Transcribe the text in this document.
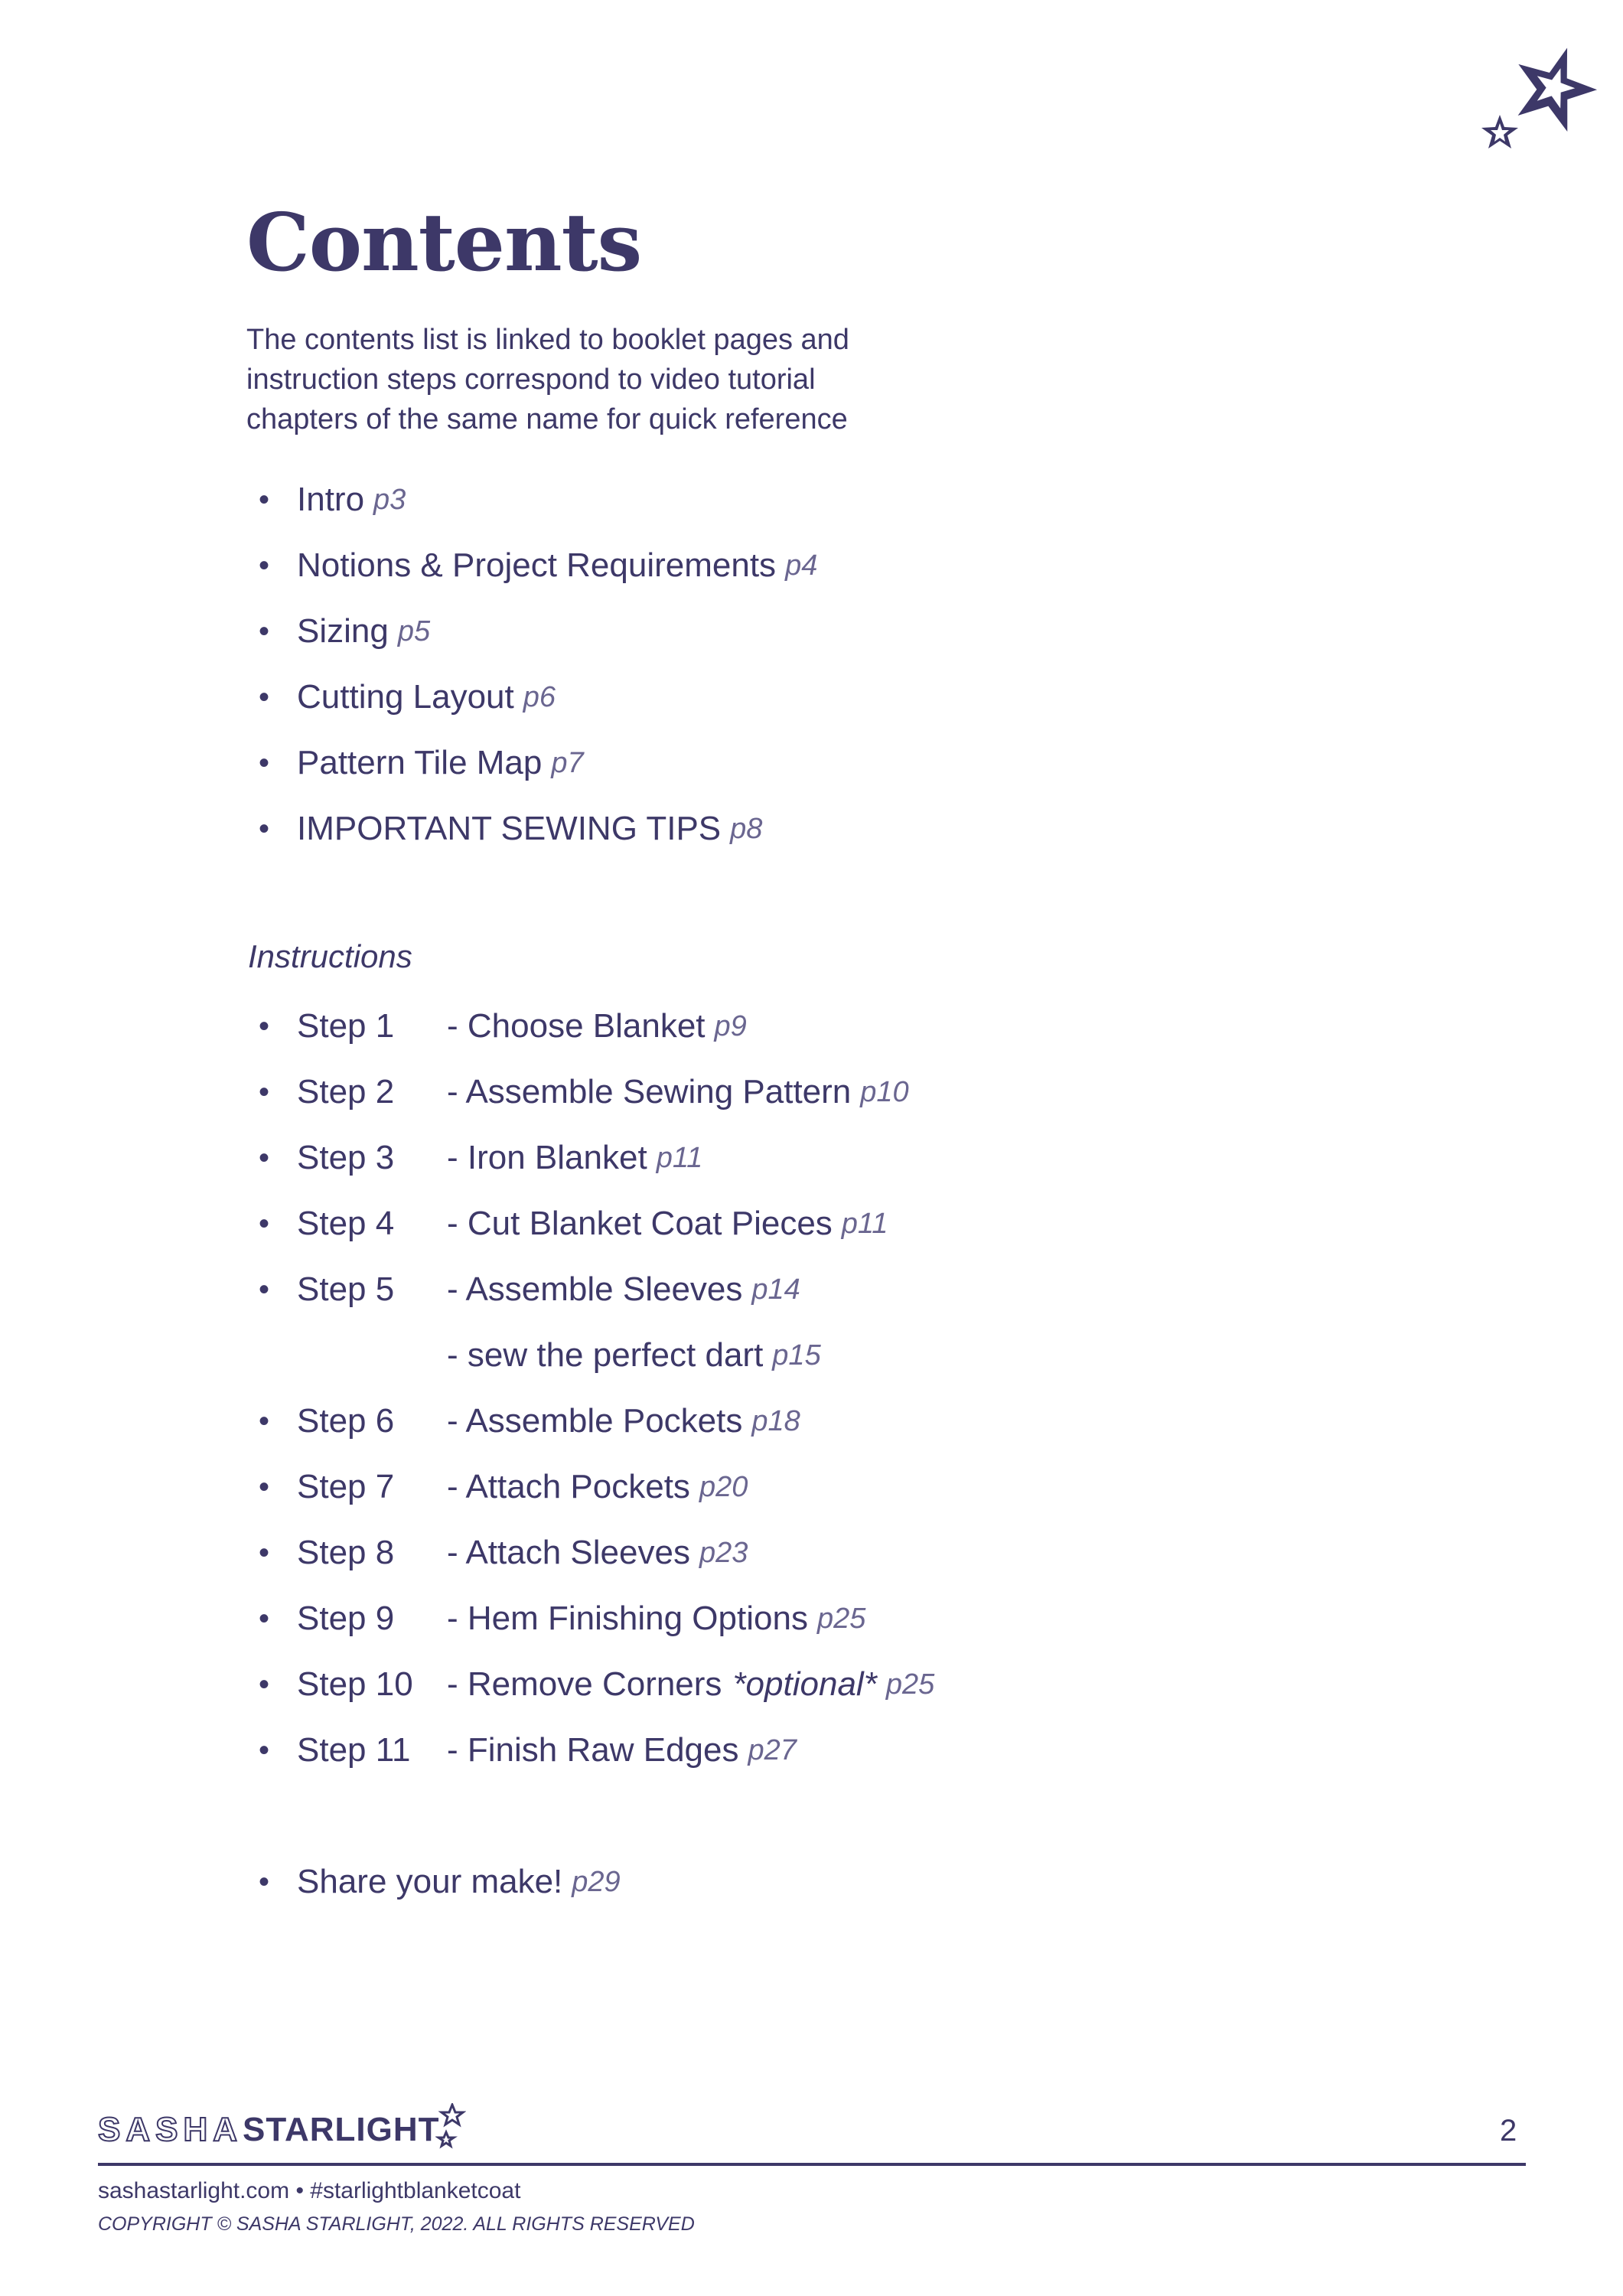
Contents
The contents list is linked to booklet pages and
instruction steps correspond to video tutorial
chapters of the same name for quick reference
• Intro p3
• Notions & Project Requirements p4
• Sizing p5
• Cutting Layout p6
• Pattern Tile Map p7
• IMPORTANT SEWING TIPS p8
Instructions
• Step 1	- Choose Blanket p9
• Step 2	- Assemble Sewing Pattern p10
• Step 3	- Iron Blanket p11
• Step 4	- Cut Blanket Coat Pieces p11
• Step 5	- Assemble Sleeves p14
- sew the perfect dart p15
• Step 6	- Assemble Pockets p18
• Step 7	- Attach Pockets p20
• Step 8	- Attach Sleeves p23
• Step 9	- Hem Finishing Options p25
• Step 10	- Remove Corners *optional* p25
• Step 11	- Finish Raw Edges p27
• Share your make! p29
SASHA STARLIGHT	2
sashastarlight.com • #starlightblanketcoat
COPYRIGHT © SASHA STARLIGHT, 2022. ALL RIGHTS RESERVED
